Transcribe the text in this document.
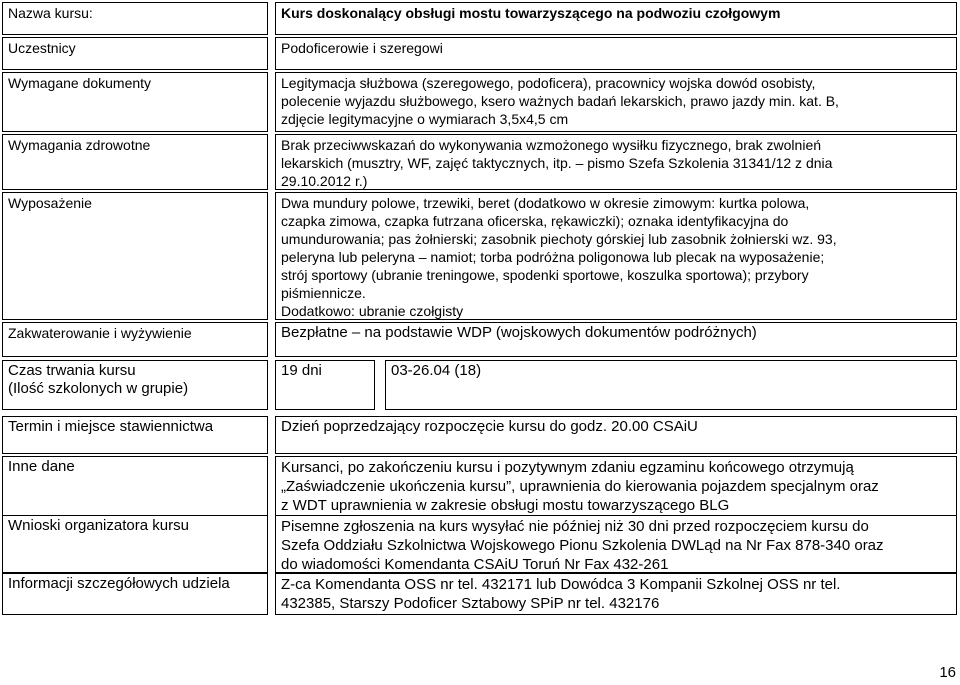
Nazwa kursu:	Kurs doskonalący obsługi mostu towarzyszącego na podwoziu czołgowym
Uczestnicy	Podoficerowie i szeregowi
Wymagane dokumenty	Legitymacja służbowa (szeregowego, podoficera), pracownicy wojska dowód osobisty,
polecenie wyjazdu służbowego, ksero ważnych badań lekarskich, prawo jazdy min. kat. B,
zdjęcie legitymacyjne o wymiarach 3,5x4,5 cm
Wymagania zdrowotne	Brak przeciwwskazań do wykonywania wzmożonego wysiłku fizycznego, brak zwolnień
lekarskich (musztry, WF, zajęć taktycznych, itp. – pismo Szefa Szkolenia 31341/12 z dnia
29.10.2012 r.)
Wyposażenie	Dwa mundury polowe, trzewiki, beret (dodatkowo w okresie zimowym: kurtka polowa,
czapka zimowa, czapka futrzana oficerska, rękawiczki); oznaka identyfikacyjna do
umundurowania; pas żołnierski; zasobnik piechoty górskiej lub zasobnik żołnierski wz. 93,
peleryna lub peleryna – namiot; torba podróżna poligonowa lub plecak na wyposażenie;
strój sportowy (ubranie treningowe, spodenki sportowe, koszulka sportowa); przybory
piśmiennicze.
Dodatkowo: ubranie czołgisty
Zakwaterowanie i wyżywienie	Bezpłatne – na podstawie WDP (wojskowych dokumentów podróżnych)
Czas trwania kursu
(Ilość szkolonych w grupie)
19 dni	03-26.04 (18)
Termin i miejsce stawiennictwa	Dzień poprzedzający rozpoczęcie kursu do godz. 20.00 CSAiU
Inne dane	Kursanci, po zakończeniu kursu i pozytywnym zdaniu egzaminu końcowego otrzymują
„Zaświadczenie ukończenia kursu”, uprawnienia do kierowania pojazdem specjalnym oraz
z WDT uprawnienia w zakresie obsługi mostu towarzyszącego BLG
Wnioski organizatora kursu	Pisemne zgłoszenia na kurs wysyłać nie później niż 30 dni przed rozpoczęciem kursu do
Szefa Oddziału Szkolnictwa Wojskowego Pionu Szkolenia DWLąd na Nr Fax 878-340 oraz
do wiadomości Komendanta CSAiU Toruń Nr Fax 432-261
Informacji szczegółowych udziela	Z-ca Komendanta OSS nr tel. 432171 lub Dowódca 3 Kompanii Szkolnej OSS nr tel.
432385, Starszy Podoficer Sztabowy SPiP nr tel. 432176
16
